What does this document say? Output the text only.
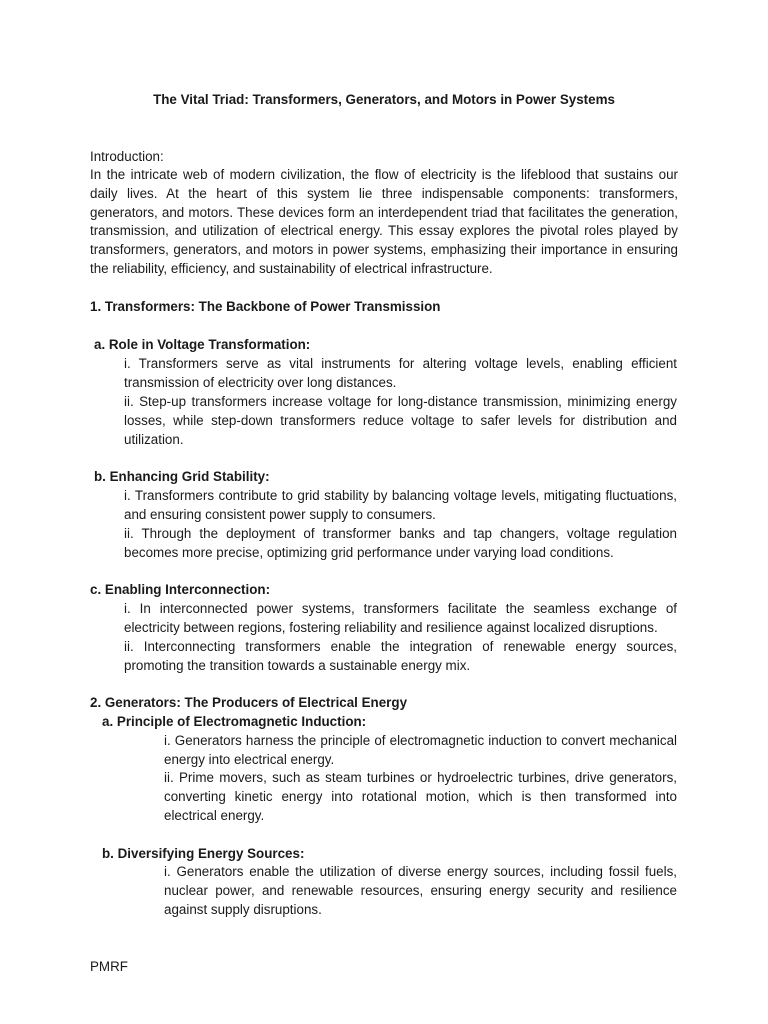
The Vital Triad: Transformers, Generators, and Motors in Power Systems

Introduction:

In the intricate web of modern civilization, the flow of electricity is the lifeblood that sustains our daily lives. At the heart of this system lie three indispensable components: transformers, generators, and motors. These devices form an interdependent triad that facilitates the generation, transmission, and utilization of electrical energy. This essay explores the pivotal roles played by transformers, generators, and motors in power systems, emphasizing their importance in ensuring the reliability, efficiency, and sustainability of electrical infrastructure.

1. Transformers: The Backbone of Power Transmission

a. Role in Voltage Transformation:

i. Transformers serve as vital instruments for altering voltage levels, enabling efficient transmission of electricity over long distances.

ii. Step-up transformers increase voltage for long-distance transmission, minimizing energy losses, while step-down transformers reduce voltage to safer levels for distribution and utilization.

b. Enhancing Grid Stability:

i. Transformers contribute to grid stability by balancing voltage levels, mitigating fluctuations, and ensuring consistent power supply to consumers.

ii. Through the deployment of transformer banks and tap changers, voltage regulation becomes more precise, optimizing grid performance under varying load conditions.

c. Enabling Interconnection:

i. In interconnected power systems, transformers facilitate the seamless exchange of electricity between regions, fostering reliability and resilience against localized disruptions.

ii. Interconnecting transformers enable the integration of renewable energy sources, promoting the transition towards a sustainable energy mix.

2. Generators: The Producers of Electrical Energy

a. Principle of Electromagnetic Induction:

i. Generators harness the principle of electromagnetic induction to convert mechanical energy into electrical energy.

ii. Prime movers, such as steam turbines or hydroelectric turbines, drive generators, converting kinetic energy into rotational motion, which is then transformed into electrical energy.

b. Diversifying Energy Sources:

i. Generators enable the utilization of diverse energy sources, including fossil fuels, nuclear power, and renewable resources, ensuring energy security and resilience against supply disruptions.

PMRF
